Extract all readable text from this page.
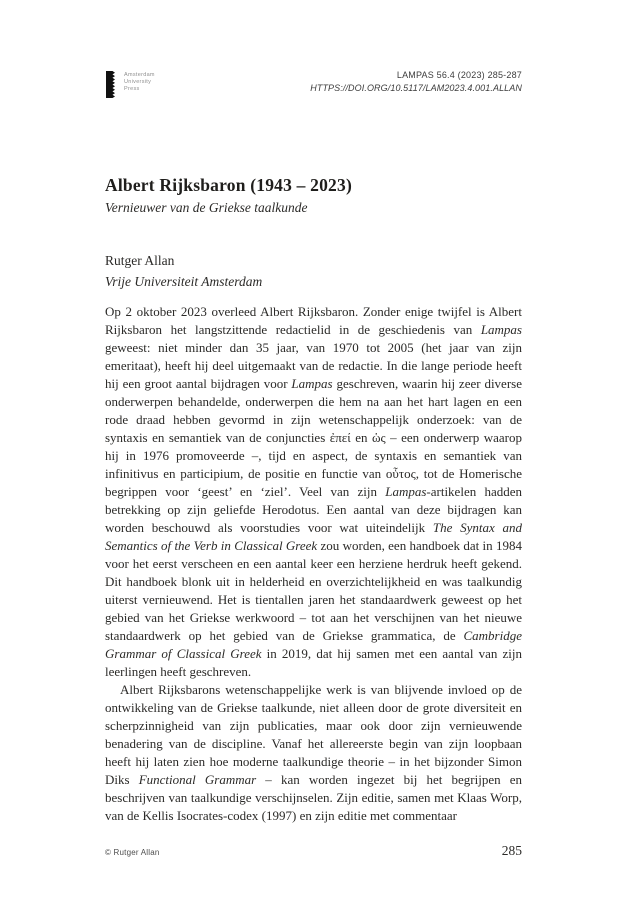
Amsterdam
University
Press
LAMPAS 56.4 (2023) 285-287
HTTPS://DOI.ORG/10.5117/LAM2023.4.001.ALLAN
Albert Rijksbaron (1943 – 2023)
Vernieuwer van de Griekse taalkunde
Rutger Allan
Vrije Universiteit Amsterdam

Op 2 oktober 2023 overleed Albert Rijksbaron. Zonder enige twijfel is Albert Rijksbaron het langstzittende redactielid in de geschiedenis van Lampas geweest: niet minder dan 35 jaar, van 1970 tot 2005 (het jaar van zijn emeritaat), heeft hij deel uitgemaakt van de redactie. In die lange periode heeft hij een groot aantal bijdragen voor Lampas geschreven, waarin hij zeer diverse onderwerpen behandelde, onderwerpen die hem na aan het hart lagen en een rode draad hebben gevormd in zijn wetenschappelijk onderzoek: van de syntaxis en semantiek van de conjuncties ἐπεί en ὡς – een onderwerp waarop hij in 1976 promoveerde –, tijd en aspect, de syntaxis en semantiek van infinitivus en participium, de positie en functie van οὗτος, tot de Homerische begrippen voor ‘geest’ en ‘ziel’. Veel van zijn Lampas-artikelen hadden betrekking op zijn geliefde Herodotus. Een aantal van deze bijdragen kan worden beschouwd als voorstudies voor wat uiteindelijk The Syntax and Semantics of the Verb in Classical Greek zou worden, een handboek dat in 1984 voor het eerst verscheen en een aantal keer een herziene herdruk heeft gekend. Dit handboek blonk uit in helderheid en overzichtelijkheid en was taalkundig uiterst vernieuwend. Het is tientallen jaren het standaardwerk geweest op het gebied van het Griekse werkwoord – tot aan het verschijnen van het nieuwe standaardwerk op het gebied van de Griekse grammatica, de Cambridge Grammar of Classical Greek in 2019, dat hij samen met een aantal van zijn leerlingen heeft geschreven.

Albert Rijksbarons wetenschappelijke werk is van blijvende invloed op de ontwikkeling van de Griekse taalkunde, niet alleen door de grote diversiteit en scherpzinnigheid van zijn publicaties, maar ook door zijn vernieuwende benadering van de discipline. Vanaf het allereerste begin van zijn loopbaan heeft hij laten zien hoe moderne taalkundige theorie – in het bijzonder Simon Diks Functional Grammar – kan worden ingezet bij het begrijpen en beschrijven van taalkundige verschijnselen. Zijn editie, samen met Klaas Worp, van de Kellis Isocrates-codex (1997) en zijn editie met commentaar

© Rutger Allan	285
